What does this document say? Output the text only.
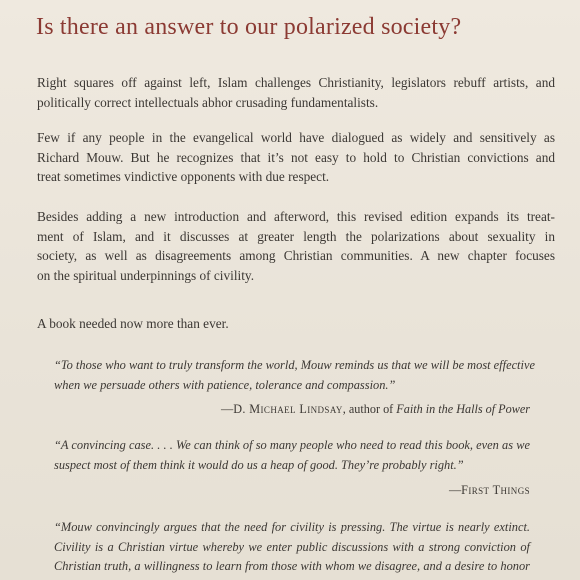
Is there an answer to our polarized society?

Right squares off against left, Islam challenges Christianity, legislators rebuff artists, and
politically correct intellectuals abhor crusading fundamentalists.

Few if any people in the evangelical world have dialogued as widely and sensitively as
Richard Mouw. But he recognizes that it’s not easy to hold to Christian convictions and
treat sometimes vindictive opponents with due respect.

Besides adding a new introduction and afterword, this revised edition expands its treat-
ment of Islam, and it discusses at greater length the polarizations about sexuality in
society, as well as disagreements among Christian communities. A new chapter focuses
on the spiritual underpinnings of civility.

A book needed now more than ever.

“To those who want to truly transform the world, Mouw reminds us that we will be most effective
when we persuade others with patience, tolerance and compassion.”
—D. Michael Lindsay, author of Faith in the Halls of Power
“A convincing case. . . . We can think of so many people who need to read this book, even as we
suspect most of them think it would do us a heap of good. They’re probably right.”
—First Things
“Mouw convincingly argues that the need for civility is pressing. The virtue is nearly extinct.
Civility is a Christian virtue whereby we enter public discussions with a strong conviction of
Christian truth, a willingness to learn from those with whom we disagree, and a desire to honor
